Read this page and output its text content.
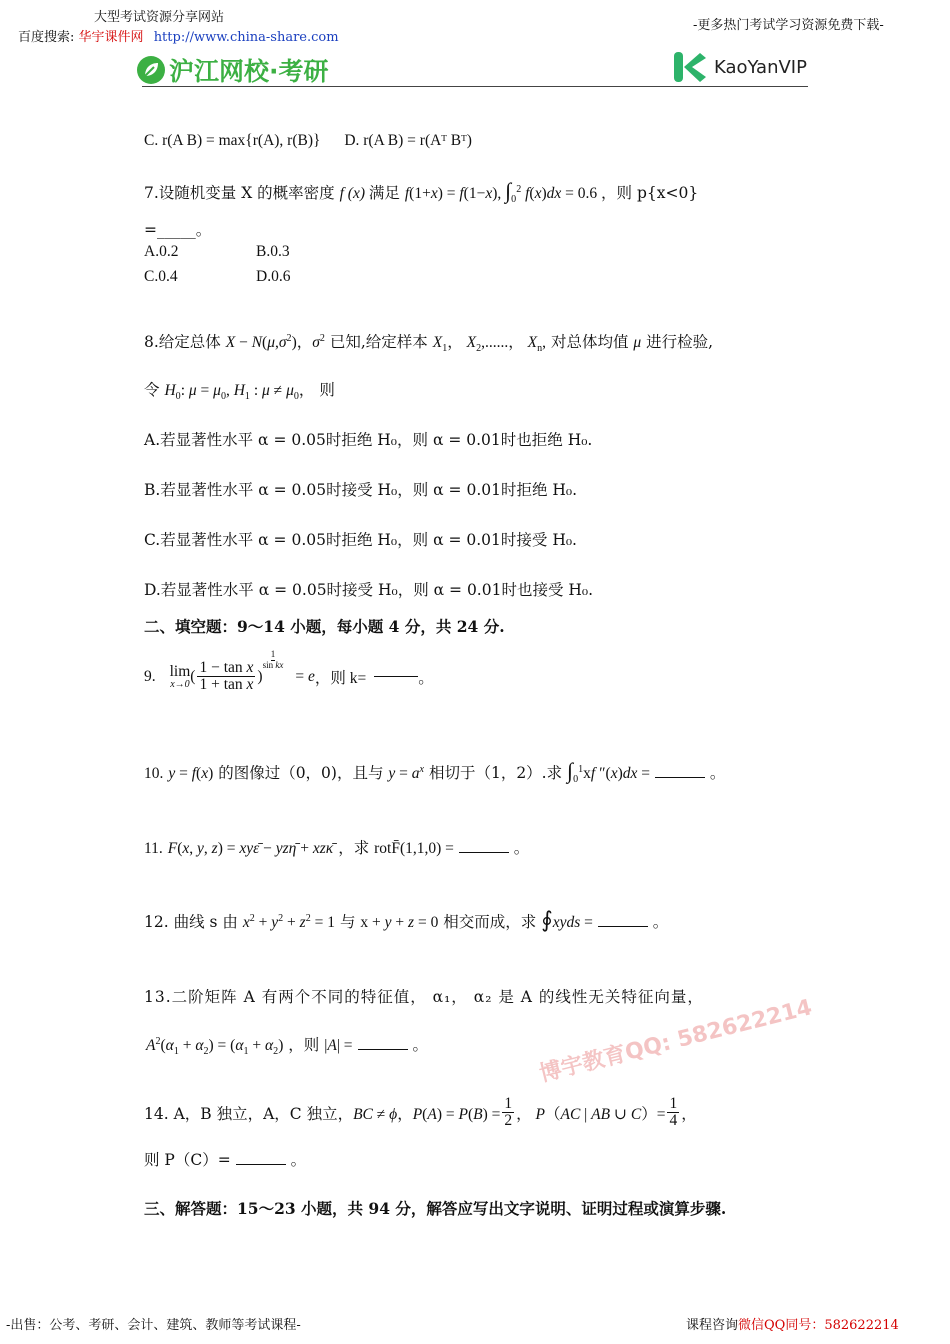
大型考试资源分享网站
百度搜索: 华宇课件网 http://www.china-share.com
-更多热门考试学习资源免费下载-
沪江网校·考研	KaoYanVIP
C. r(A B) = max{r(A), r(B)} D. r(A B) = r(Aᵀ Bᵀ)
7.设随机变量 X 的概率密度 f (x) 满足 f(1+x) = f(1−x), $\int_0^2$ f(x)dx = 0.6 ，则 p{x<0}
=_____。
A.0.2	B.0.3
C.0.4	D.0.6
8.给定总体 $X - N(\mu,\sigma^2)$，$\sigma^2$ 已知,给定样本 $X_1$， $X_2$,......， $X_n$, 对总体均值 μ 进行检验,
令 $H_0$: $\mu = \mu_0$, $H_1$ : $\mu \ne \mu_0$， 则
A.若显著性水平 α = 0.05时拒绝 H₀，则 α = 0.01时也拒绝 H₀.
B.若显著性水平 α = 0.05时接受 H₀，则 α = 0.01时拒绝 H₀.
C.若显著性水平 α = 0.05时拒绝 H₀，则 α = 0.01时接受 H₀.
D.若显著性水平 α = 0.05时接受 H₀，则 α = 0.01时也接受 H₀.
二、填空题：9～14 小题，每小题 4 分，共 24 分.
9. lim
x→0 ( $\frac{\text{1 − tan x}}{\text{1 + tan x}}$ )
$\frac{1}{\text{sin kx}}$
= e ，则 k=	。
10. y = f(x) 的图像过（0，0)，且与 $y = a^x$ 相切于（1，2）.求 $\int_0^1xf$ ″(x)dx =	。
11. F(x, y, z) = xyε̄ − yzη̄ + xzκ̄ ，求 rotF̄(1,1,0) =	。
12. 曲线 s 由 $x^2 + y^2 + z^2 = 1$ 与 x + y + z = 0 相交而成，求 ∮xyds =	。
13.二阶矩阵 A 有两个不同的特征值， α₁， α₂ 是 A 的线性无关特征向量，
$A^2(\alpha_1 + \alpha_2) = (\alpha_1 + \alpha_2)$ ，则 |A| =	。	博宇教育QQ: 582622214
14. A，B 独立，A，C 独立， BC ≠ ϕ，$P(A) = P(B) = \frac{1}{2}$ ， P（AC | AB ∪ $C)= \frac{1}{4}$ ，
则 P（C）=	。
三、解答题：15～23 小题，共 94 分，解答应写出文字说明、证明过程或演算步骤.
-出售：公考、考研、会计、建筑、教师等考试课程-	课程咨询微信QQ同号：582622214
